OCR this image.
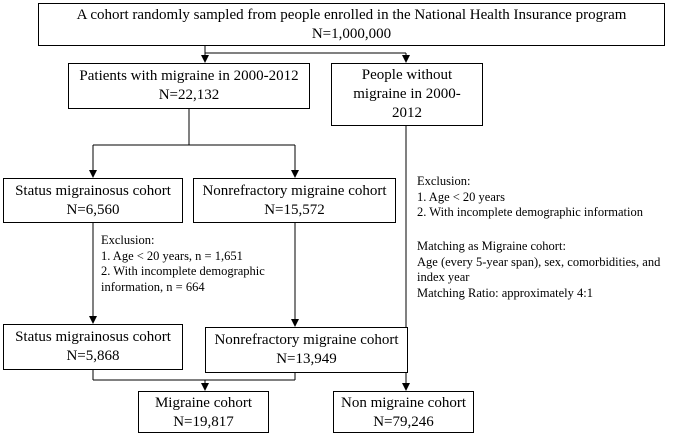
A cohort randomly sampled from people enrolled in the National Health Insurance program
N=1,000,000
Patients with migraine in 2000-2012
N=22,132
People without
migraine in 2000-
2012
Status migrainosus cohort
N=6,560
Nonrefractory migraine cohort
N=15,572
Exclusion:
1. Age < 20 years, n = 1,651
2. With incomplete demographic
information, n = 664
Exclusion:
1. Age < 20 years
2. With incomplete demographic information
Matching as Migraine cohort:
Age (every 5-year span), sex, comorbidities, and
index year
Matching Ratio: approximately 4:1
Status migrainosus cohort
N=5,868
Nonrefractory migraine cohort
N=13,949
Migraine cohort
N=19,817
Non migraine cohort
N=79,246
